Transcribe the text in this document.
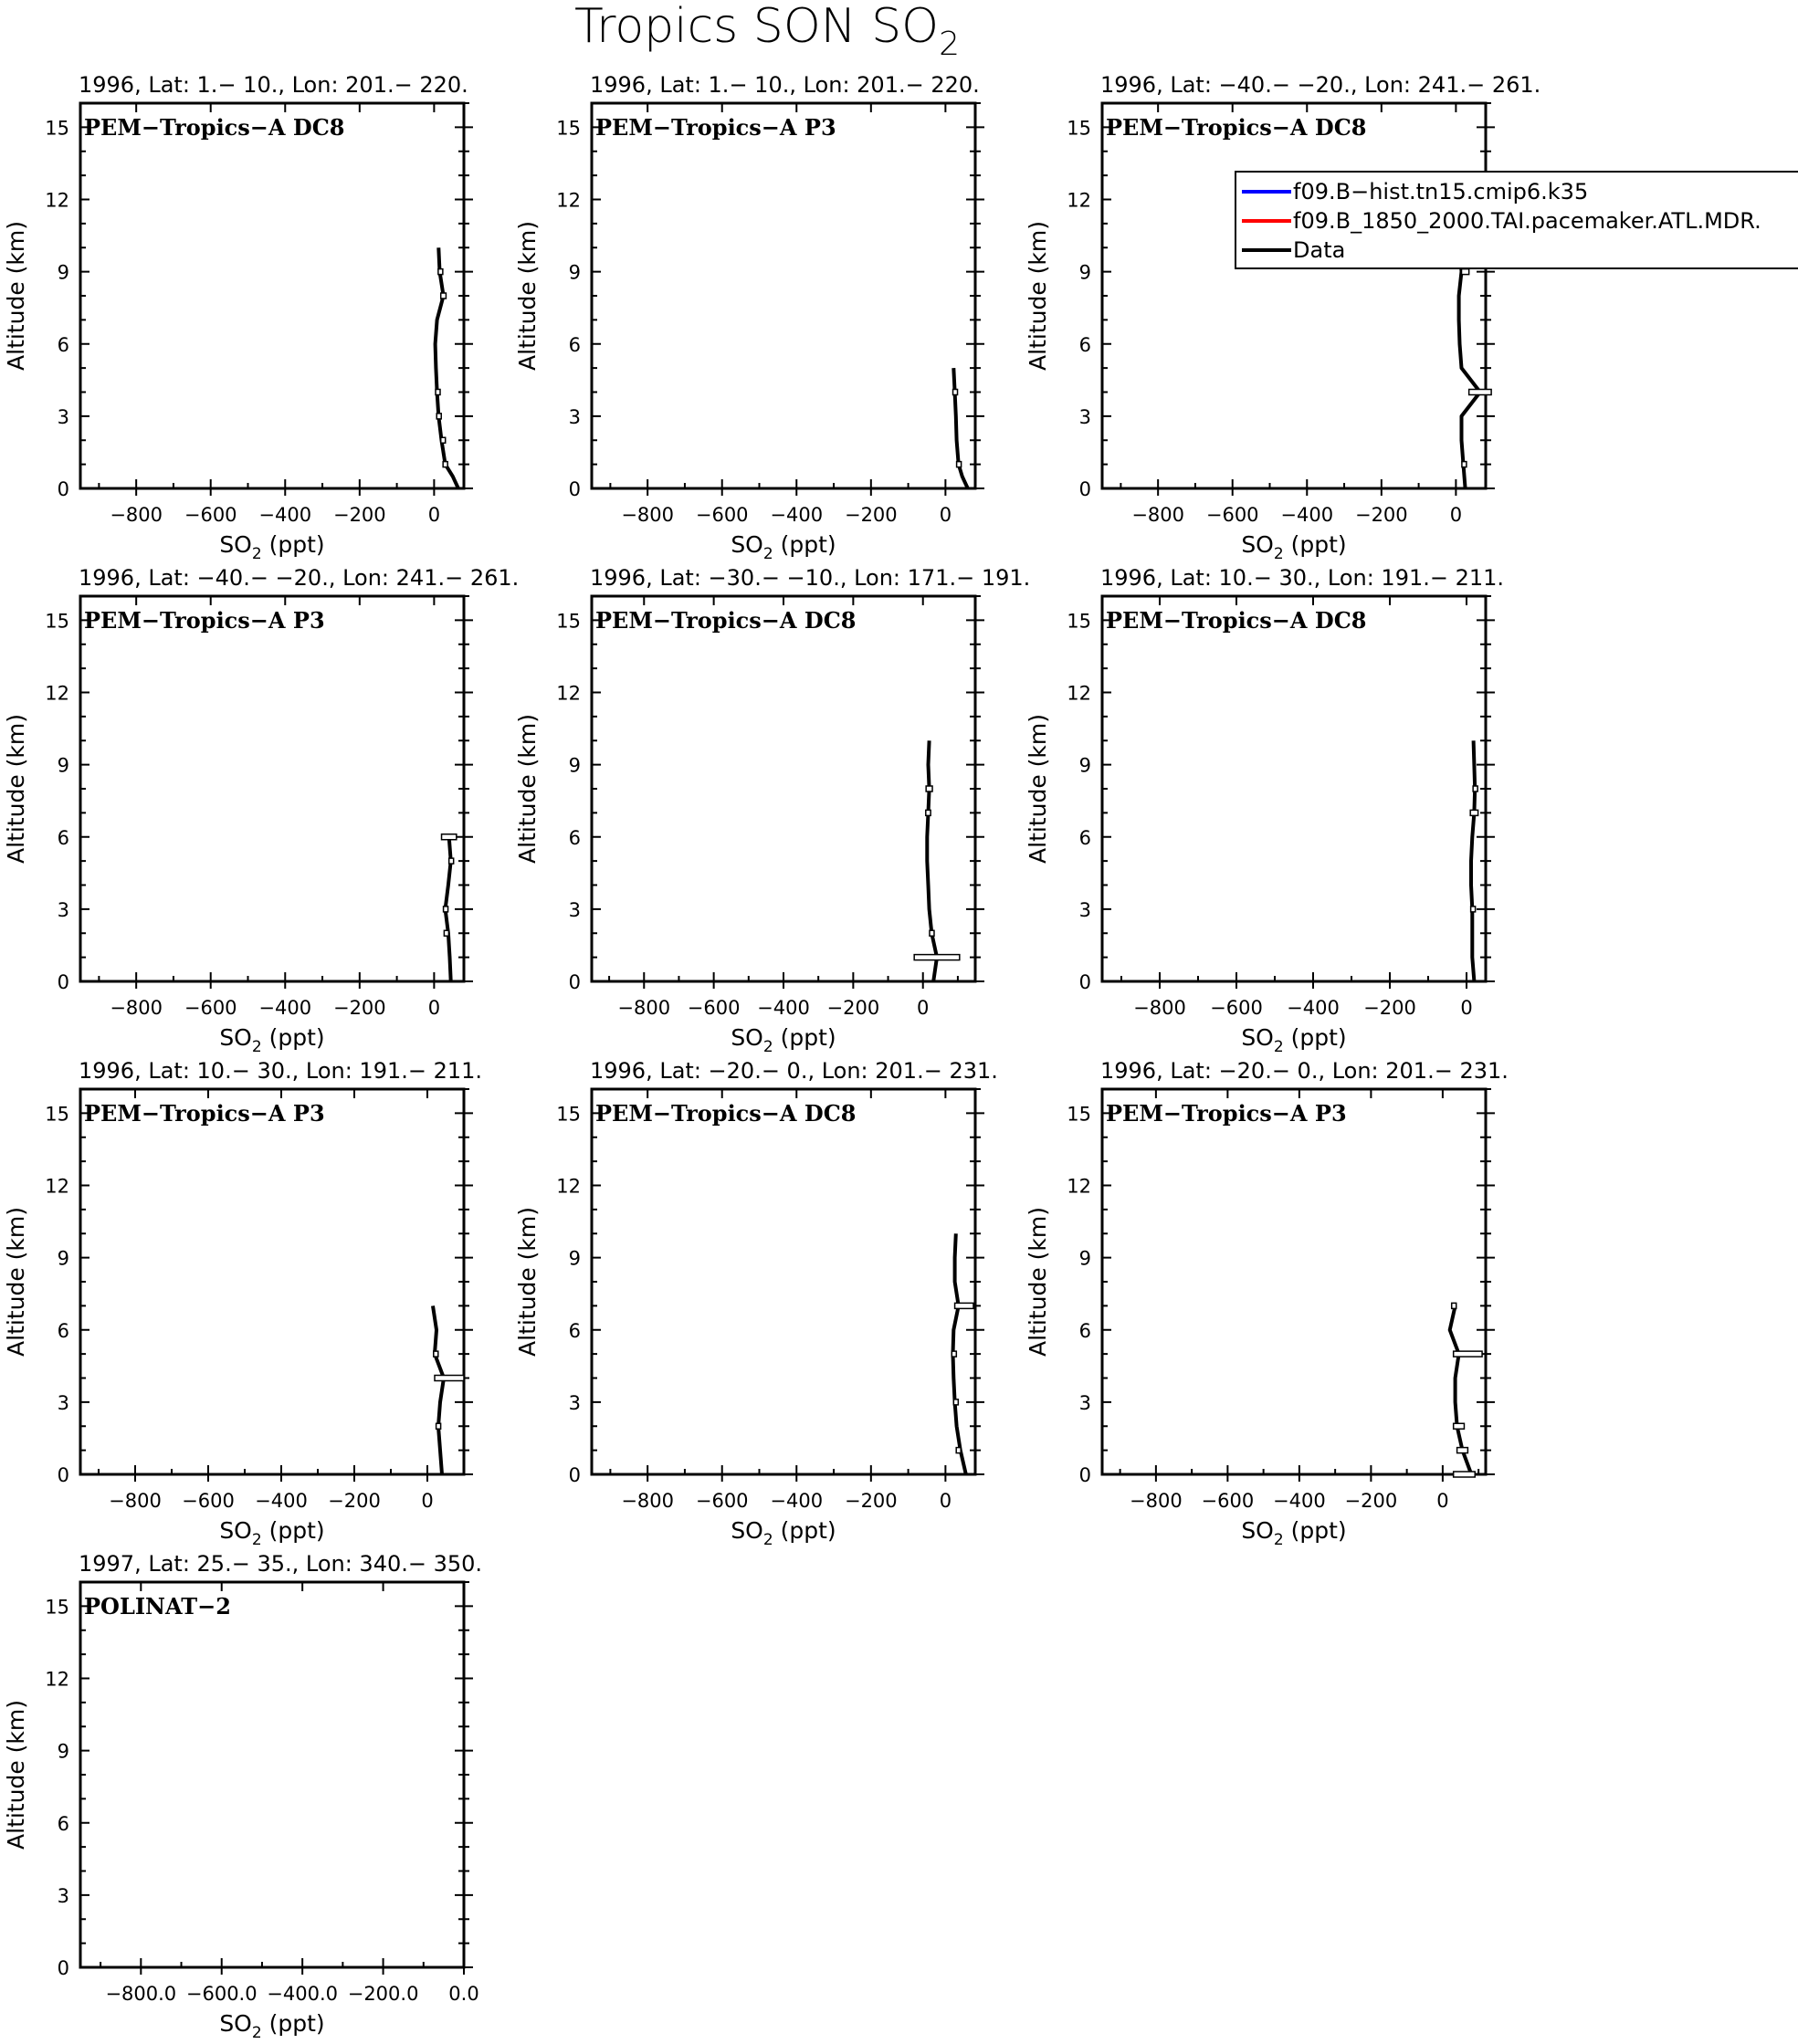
Tropics SON $SO_2$
0
3
6
9
12
15
−800 −600 −400 −200 0
1996, Lat: 1.− 10., Lon: 201.− 220.
PEM−Tropics−A DC8
Altitude (km)
$SO_2$ (ppt)
0
3
6
9
12
15
−800 −600 −400 −200 0
1996, Lat: 1.− 10., Lon: 201.− 220.
PEM−Tropics−A P3
Altitude (km)
$SO_2$ (ppt)
0
3
6
9
12
15
−800 −600 −400 −200 0
1996, Lat: −40.− −20., Lon: 241.− 261.
PEM−Tropics−A DC8
Altitude (km)
$SO_2$ (ppt)
0
3
6
9
12
15
−800 −600 −400 −200 0
1996, Lat: −40.− −20., Lon: 241.− 261.
PEM−Tropics−A P3
Altitude (km)
$SO_2$ (ppt)
0
3
6
9
12
15
−800 −600 −400 −200 0
1996, Lat: −30.− −10., Lon: 171.− 191.
PEM−Tropics−A DC8
Altitude (km)
$SO_2$ (ppt)
0
3
6
9
12
15
−800 −600 −400 −200 0
1996, Lat: 10.− 30., Lon: 191.− 211.
PEM−Tropics−A DC8
Altitude (km)
$SO_2$ (ppt)
0
3
6
9
12
15
−800 −600 −400 −200 0
1996, Lat: 10.− 30., Lon: 191.− 211.
PEM−Tropics−A P3
Altitude (km)
$SO_2$ (ppt)
0
3
6
9
12
15
−800 −600 −400 −200 0
1996, Lat: −20.− 0., Lon: 201.− 231.
PEM−Tropics−A DC8
Altitude (km)
$SO_2$ (ppt)
0
3
6
9
12
15
−800 −600 −400 −200 0
1996, Lat: −20.− 0., Lon: 201.− 231.
PEM−Tropics−A P3
Altitude (km)
$SO_2$ (ppt)
0
3
6
9
12
15
−800.0 −600.0 −400.0 −200.0 0.0
1997, Lat: 25.− 35., Lon: 340.− 350.
POLINAT−2
Altitude (km)
$SO_2$ (ppt)
f09.B−hist.tn15.cmip6.k35
f09.B_1850_2000.TAI.pacemaker.ATL.MDR.
Data
